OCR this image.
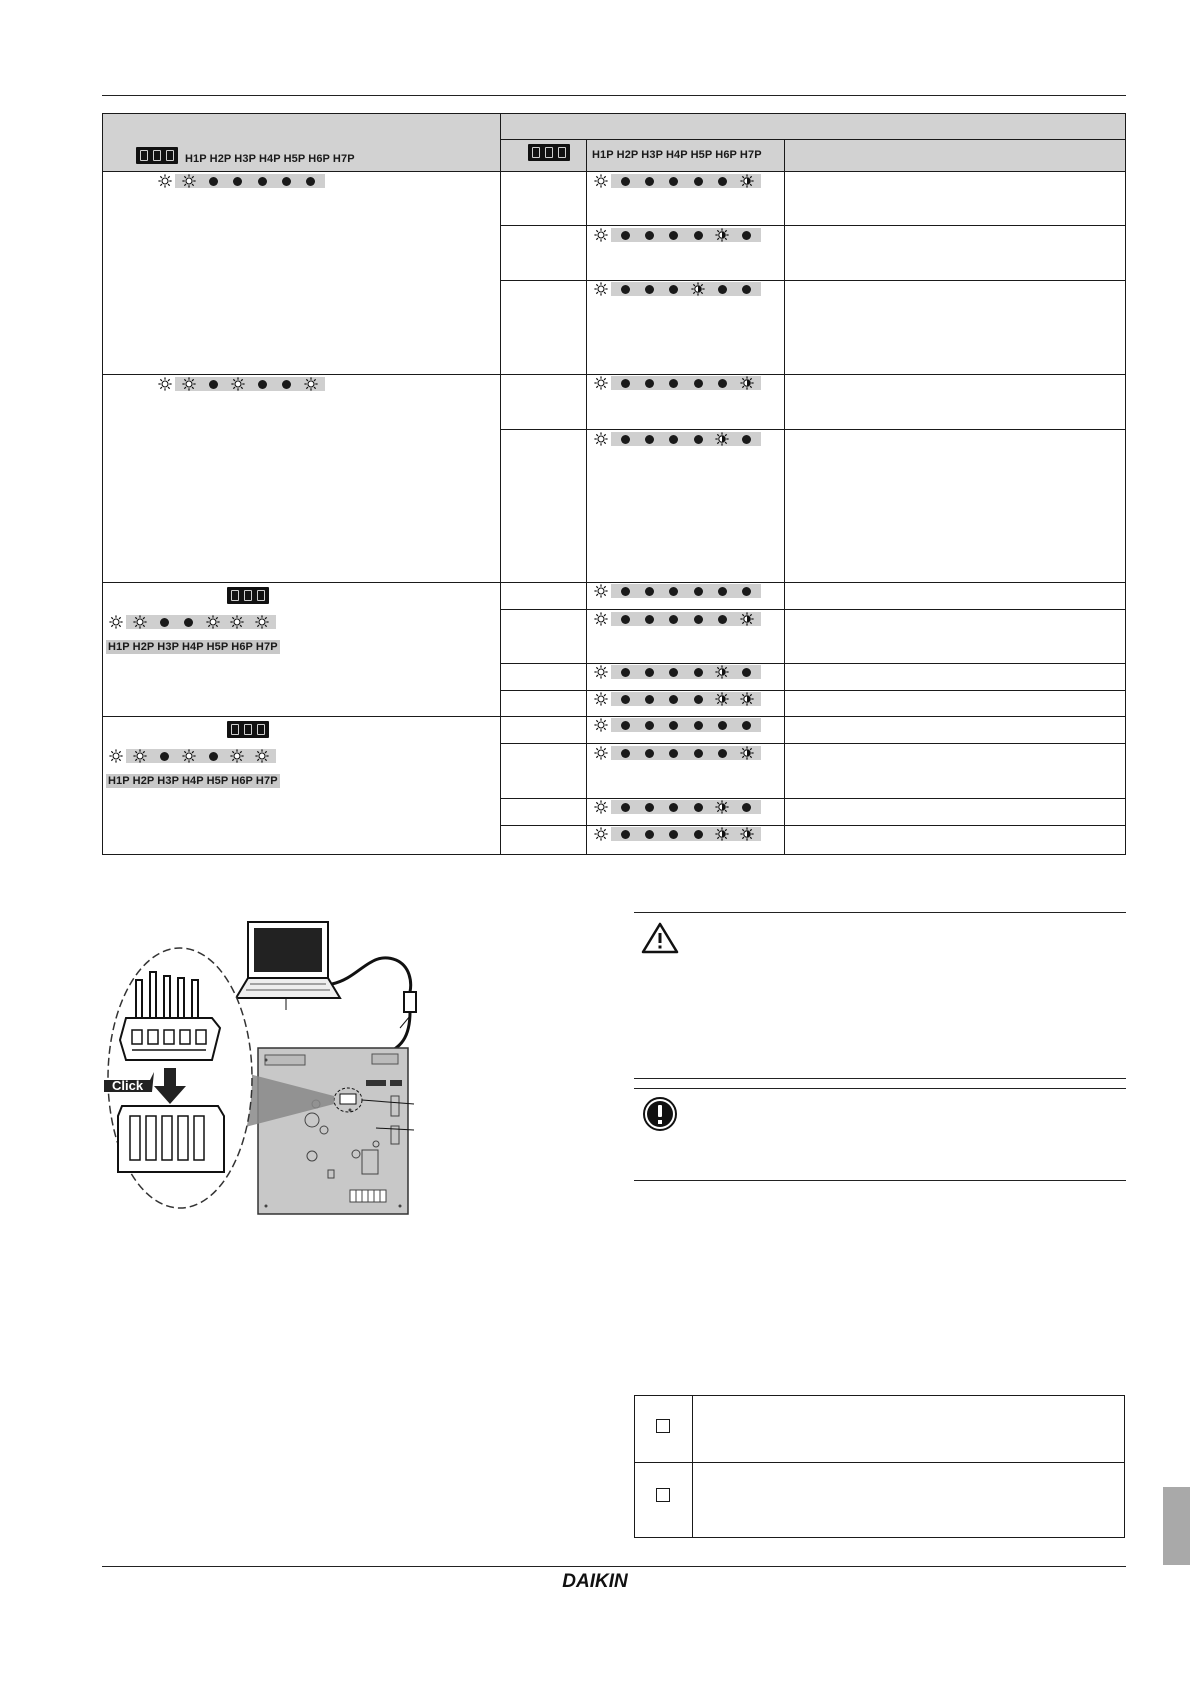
H1P H2P H3P H4P H5P H6P H7P	H1P H2P H3P H4P H5P H6P H7P
H1P H2P H3P H4P H5P H6P H7P
H1P H2P H3P H4P H5P H6P H7P
Click
DAIKIN
